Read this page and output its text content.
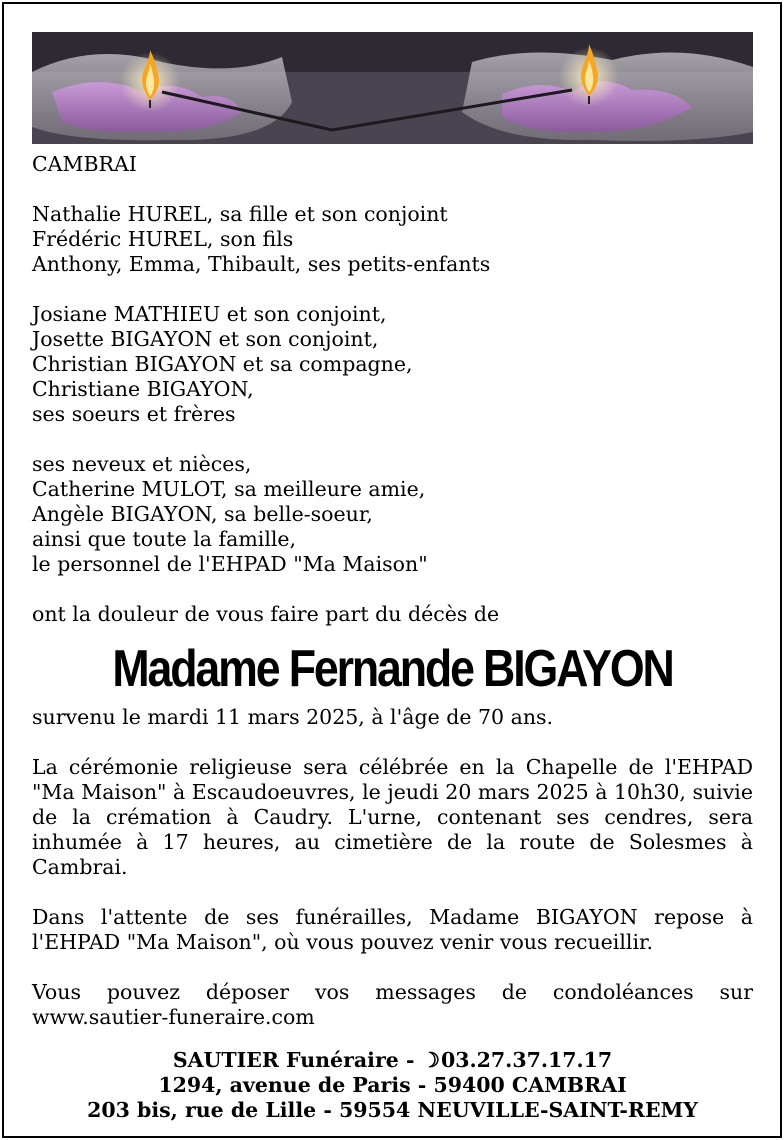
CAMBRAI

Nathalie HUREL, sa fille et son conjoint

Frédéric HUREL, son fils

Anthony, Emma, Thibault, ses petits-enfants

Josiane MATHIEU et son conjoint,

Josette BIGAYON et son conjoint,

Christian BIGAYON et sa compagne,

Christiane BIGAYON,

ses soeurs et frères

ses neveux et nièces,

Catherine MULOT, sa meilleure amie,

Angèle BIGAYON, sa belle-soeur,

ainsi que toute la famille,

le personnel de l'EHPAD "Ma Maison"

ont la douleur de vous faire part du décès de

Madame Fernande BIGAYON

survenu le mardi 11 mars 2025, à l'âge de 70 ans.

La cérémonie religieuse sera célébrée en la Chapelle de l'EHPAD "Ma Maison" à Escaudoeuvres, le jeudi 20 mars 2025 à 10h30, suivie de la crémation à Caudry. L'urne, contenant ses cendres, sera inhumée à 17 heures, au cimetière de la route de Solesmes à Cambrai.

Dans l'attente de ses funérailles, Madame BIGAYON repose à l'EHPAD "Ma Maison", où vous pouvez venir vous recueillir.

Vous pouvez déposer vos messages de condoléances sur

www.sautier-funeraire.com

SAUTIER Funéraire - ☽03.27.37.17.17
1294, avenue de Paris - 59400 CAMBRAI
203 bis, rue de Lille - 59554 NEUVILLE-SAINT-REMY
